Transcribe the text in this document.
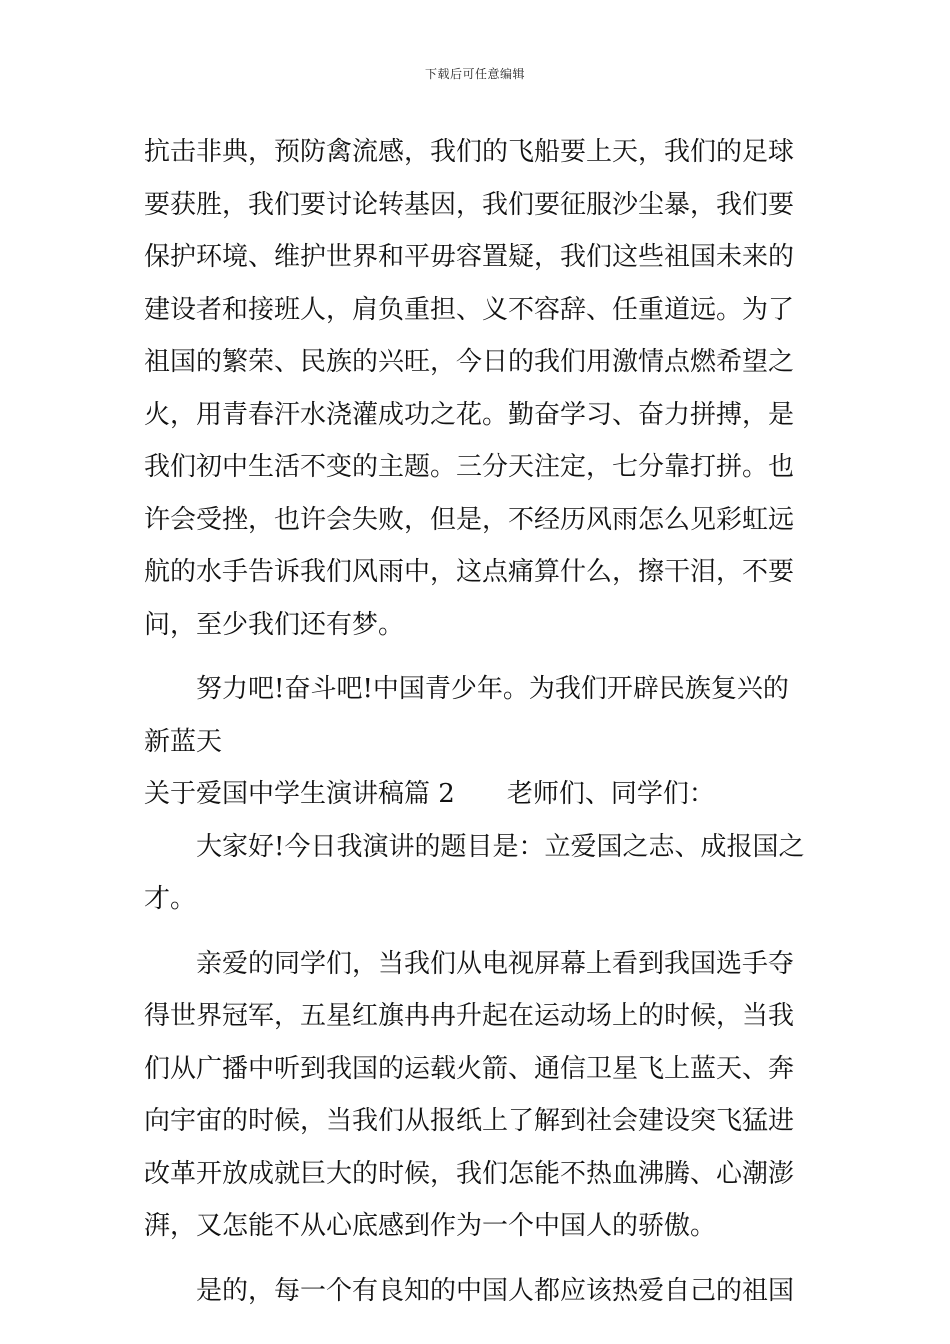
下载后可任意编辑
抗击非典，预防禽流感，我们的飞船要上天，我们的足球
要获胜，我们要讨论转基因，我们要征服沙尘暴，我们要
保护环境、维护世界和平毋容置疑，我们这些祖国未来的
建设者和接班人，肩负重担、义不容辞、任重道远。为了
祖国的繁荣、民族的兴旺，今日的我们用激情点燃希望之
火，用青春汗水浇灌成功之花。勤奋学习、奋力拼搏，是
我们初中生活不变的主题。三分天注定，七分靠打拼。也
许会受挫，也许会失败，但是，不经历风雨怎么见彩虹远
航的水手告诉我们风雨中，这点痛算什么，擦干泪，不要
问，至少我们还有梦。
努力吧!奋斗吧!中国青少年。为我们开辟民族复兴的
新蓝天
关于爱国中学生演讲稿篇 2 老师们、同学们：
大家好!今日我演讲的题目是：立爱国之志、成报国之
才。
亲爱的同学们，当我们从电视屏幕上看到我国选手夺
得世界冠军，五星红旗冉冉升起在运动场上的时候，当我
们从广播中听到我国的运载火箭、通信卫星飞上蓝天、奔
向宇宙的时候，当我们从报纸上了解到社会建设突飞猛进
改革开放成就巨大的时候，我们怎能不热血沸腾、心潮澎
湃，又怎能不从心底感到作为一个中国人的骄傲。
是的，每一个有良知的中国人都应该热爱自己的祖国
